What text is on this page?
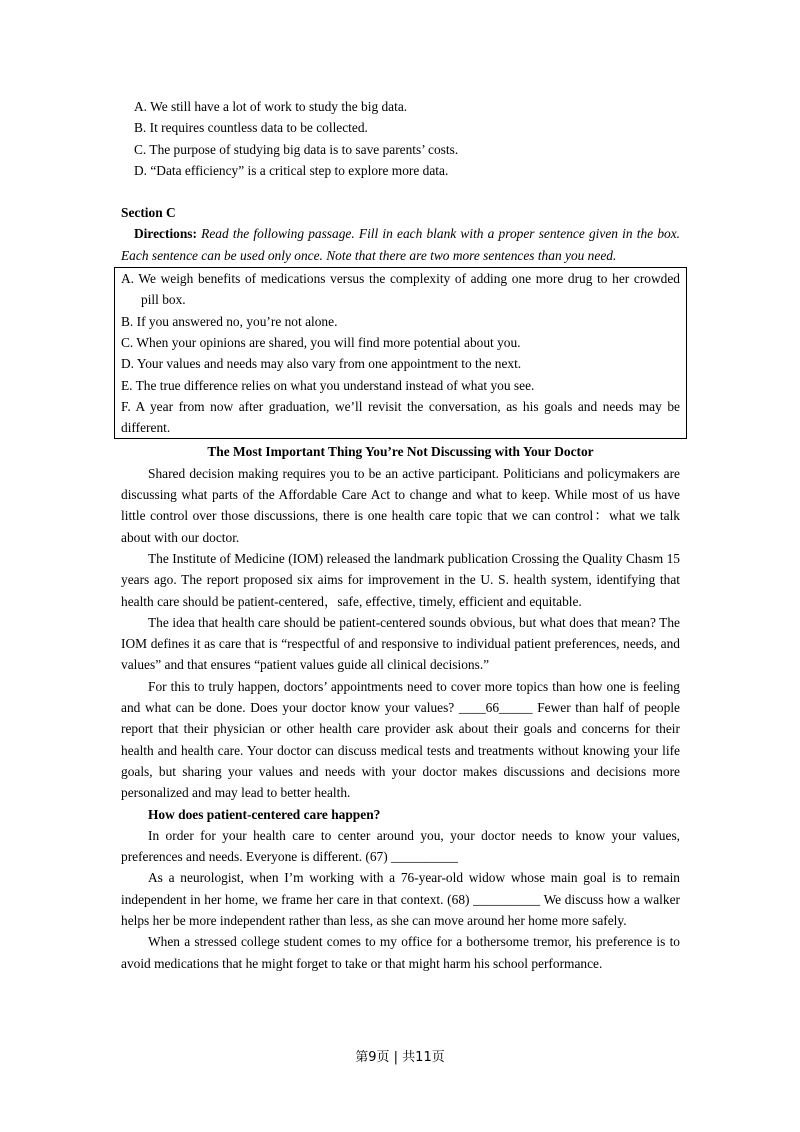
A. We still have a lot of work to study the big data.

B. It requires countless data to be collected.

C. The purpose of studying big data is to save parents’ costs.

D. “Data efficiency” is a critical step to explore more data.

Section C

Directions: Read the following passage. Fill in each blank with a proper sentence given in the box. Each sentence can be used only once. Note that there are two more sentences than you need.

A. We weigh benefits of medications versus the complexity of adding one more drug to her crowded pill box.

B. If you answered no, you’re not alone.

C. When your opinions are shared, you will find more potential about you.

D. Your values and needs may also vary from one appointment to the next.

E. The true difference relies on what you understand instead of what you see.

F. A year from now after graduation, we’ll revisit the conversation, as his goals and needs may be different.

The Most Important Thing You’re Not Discussing with Your Doctor

Shared decision making requires you to be an active participant. Politicians and policymakers are discussing what parts of the Affordable Care Act to change and what to keep. While most of us have little control over those discussions, there is one health care topic that we can control：what we talk about with our doctor.

The Institute of Medicine (IOM) released the landmark publication Crossing the Quality Chasm 15 years ago. The report proposed six aims for improvement in the U. S. health system, identifying that health care should be patient-centered，safe, effective, timely, efficient and equitable.

The idea that health care should be patient-centered sounds obvious, but what does that mean? The IOM defines it as care that is “respectful of and responsive to individual patient preferences, needs, and values” and that ensures “patient values guide all clinical decisions.”

For this to truly happen, doctors’ appointments need to cover more topics than how one is feeling and what can be done. Does your doctor know your values? ____66_____ Fewer than half of people report that their physician or other health care provider ask about their goals and concerns for their health and health care. Your doctor can discuss medical tests and treatments without knowing your life goals, but sharing your values and needs with your doctor makes discussions and decisions more personalized and may lead to better health.

How does patient-centered care happen?

In order for your health care to center around you, your doctor needs to know your values, preferences and needs. Everyone is different. (67) __________

As a neurologist, when I’m working with a 76-year-old widow whose main goal is to remain independent in her home, we frame her care in that context. (68) __________ We discuss how a walker helps her be more independent rather than less, as she can move around her home more safely.

When a stressed college student comes to my office for a bothersome tremor, his preference is to avoid medications that he might forget to take or that might harm his school performance.

第9页 | 共11页
